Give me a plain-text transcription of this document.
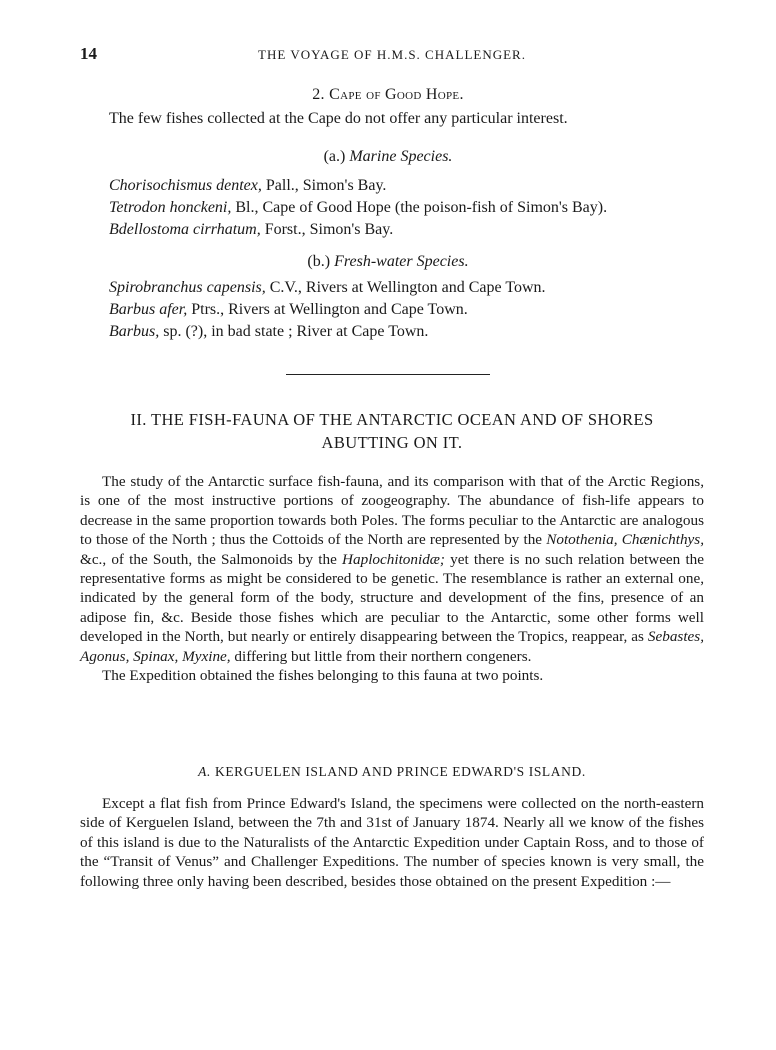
14	THE VOYAGE OF H.M.S. CHALLENGER.
2. Cape of Good Hope.
The few fishes collected at the Cape do not offer any particular interest.
(a.) Marine Species.
Chorisochismus dentex, Pall., Simon's Bay.
Tetrodon honckeni, Bl., Cape of Good Hope (the poison-fish of Simon's Bay).
Bdellostoma cirrhatum, Forst., Simon's Bay.
(b.) Fresh-water Species.
Spirobranchus capensis, C.V., Rivers at Wellington and Cape Town.
Barbus afer, Ptrs., Rivers at Wellington and Cape Town.
Barbus, sp. (?), in bad state ; River at Cape Town.
II. THE FISH-FAUNA OF THE ANTARCTIC OCEAN AND OF SHORES
ABUTTING ON IT.

The study of the Antarctic surface fish-fauna, and its comparison with that of the Arctic Regions, is one of the most instructive portions of zoogeography. The abundance of fish-life appears to decrease in the same proportion towards both Poles. The forms peculiar to the Antarctic are analogous to those of the North ; thus the Cottoids of the North are represented by the Notothenia, Chænichthys, &c., of the South, the Salmonoids by the Haplochitonidæ; yet there is no such relation between the representative forms as might be considered to be genetic. The resemblance is rather an external one, indicated by the general form of the body, structure and development of the fins, presence of an adipose fin, &c. Beside those fishes which are peculiar to the Antarctic, some other forms well developed in the North, but nearly or entirely disappearing between the Tropics, reappear, as Sebastes, Agonus, Spinax, Myxine, differing but little from their northern congeners.

The Expedition obtained the fishes belonging to this fauna at two points.

A. KERGUELEN ISLAND AND PRINCE EDWARD'S ISLAND.

Except a flat fish from Prince Edward's Island, the specimens were collected on the north-eastern side of Kerguelen Island, between the 7th and 31st of January 1874. Nearly all we know of the fishes of this island is due to the Naturalists of the Antarctic Expedition under Captain Ross, and to those of the “Transit of Venus” and Challenger Expeditions. The number of species known is very small, the following three only having been described, besides those obtained on the present Expedition :—
